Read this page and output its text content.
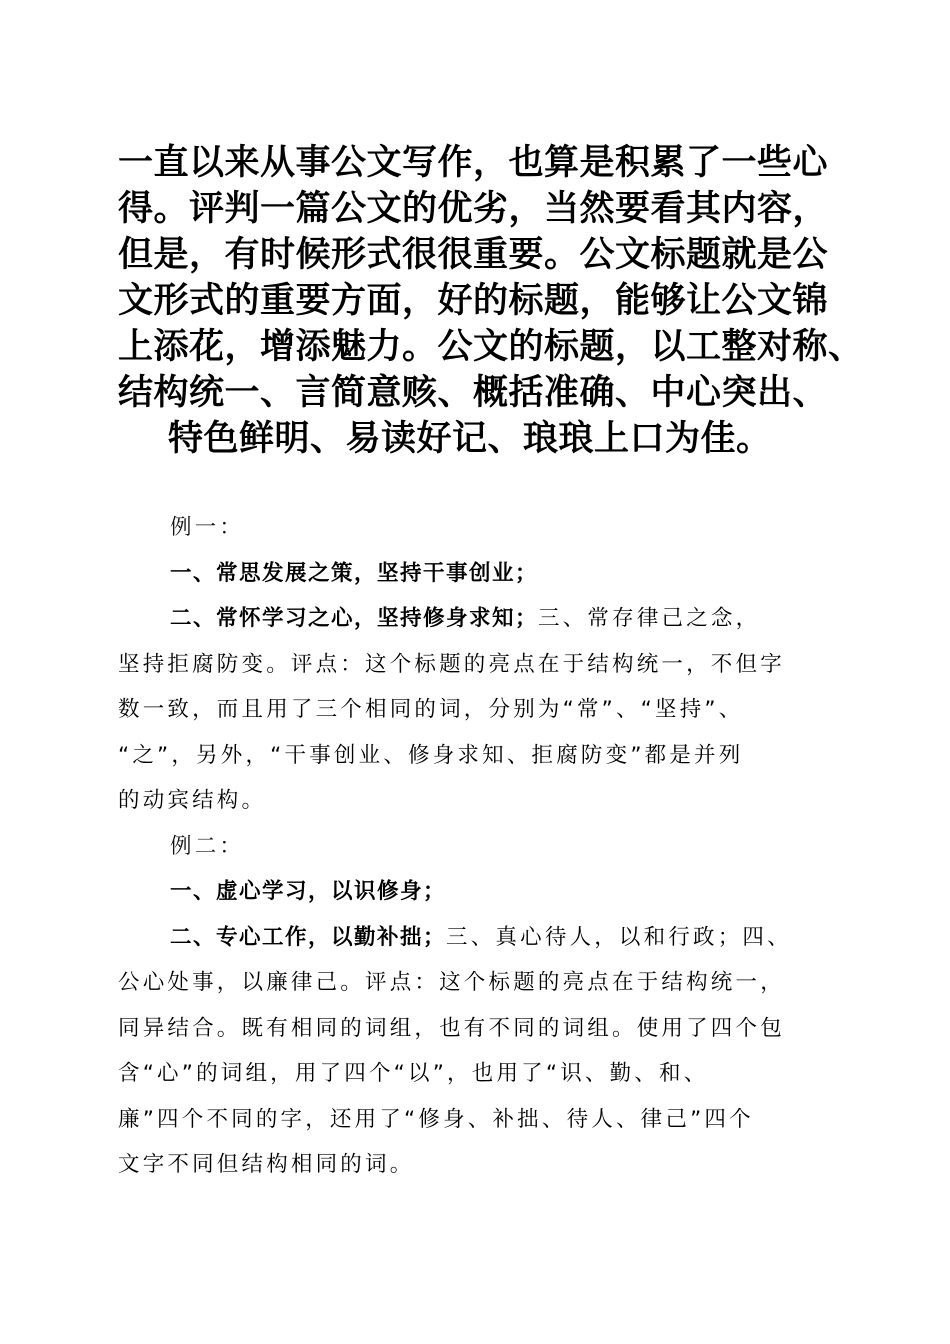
一直以来从事公文写作，也算是积累了一些心
得。评判一篇公文的优劣，当然要看其内容，
但是，有时候形式很很重要。公文标题就是公
文形式的重要方面，好的标题，能够让公文锦
上添花，增添魅力。公文的标题，以工整对称、
结构统一、言简意赅、概括准确、中心突出、
特色鲜明、易读好记、琅琅上口为佳。
例一：
一、常思发展之策，坚持干事创业；
二、常怀学习之心，坚持修身求知；三、常存律己之念，
坚持拒腐防变。评点：这个标题的亮点在于结构统一，不但字
数一致，而且用了三个相同的词，分别为“常”、“坚持”、
“之”，另外，“干事创业、修身求知、拒腐防变”都是并列
的动宾结构。
例二：
一、虚心学习，以识修身；
二、专心工作，以勤补拙；三、真心待人，以和行政；四、
公心处事，以廉律己。评点：这个标题的亮点在于结构统一，
同异结合。既有相同的词组，也有不同的词组。使用了四个包
含“心”的词组，用了四个“以”，也用了“识、勤、和、
廉”四个不同的字，还用了“修身、补拙、待人、律己”四个
文字不同但结构相同的词。
